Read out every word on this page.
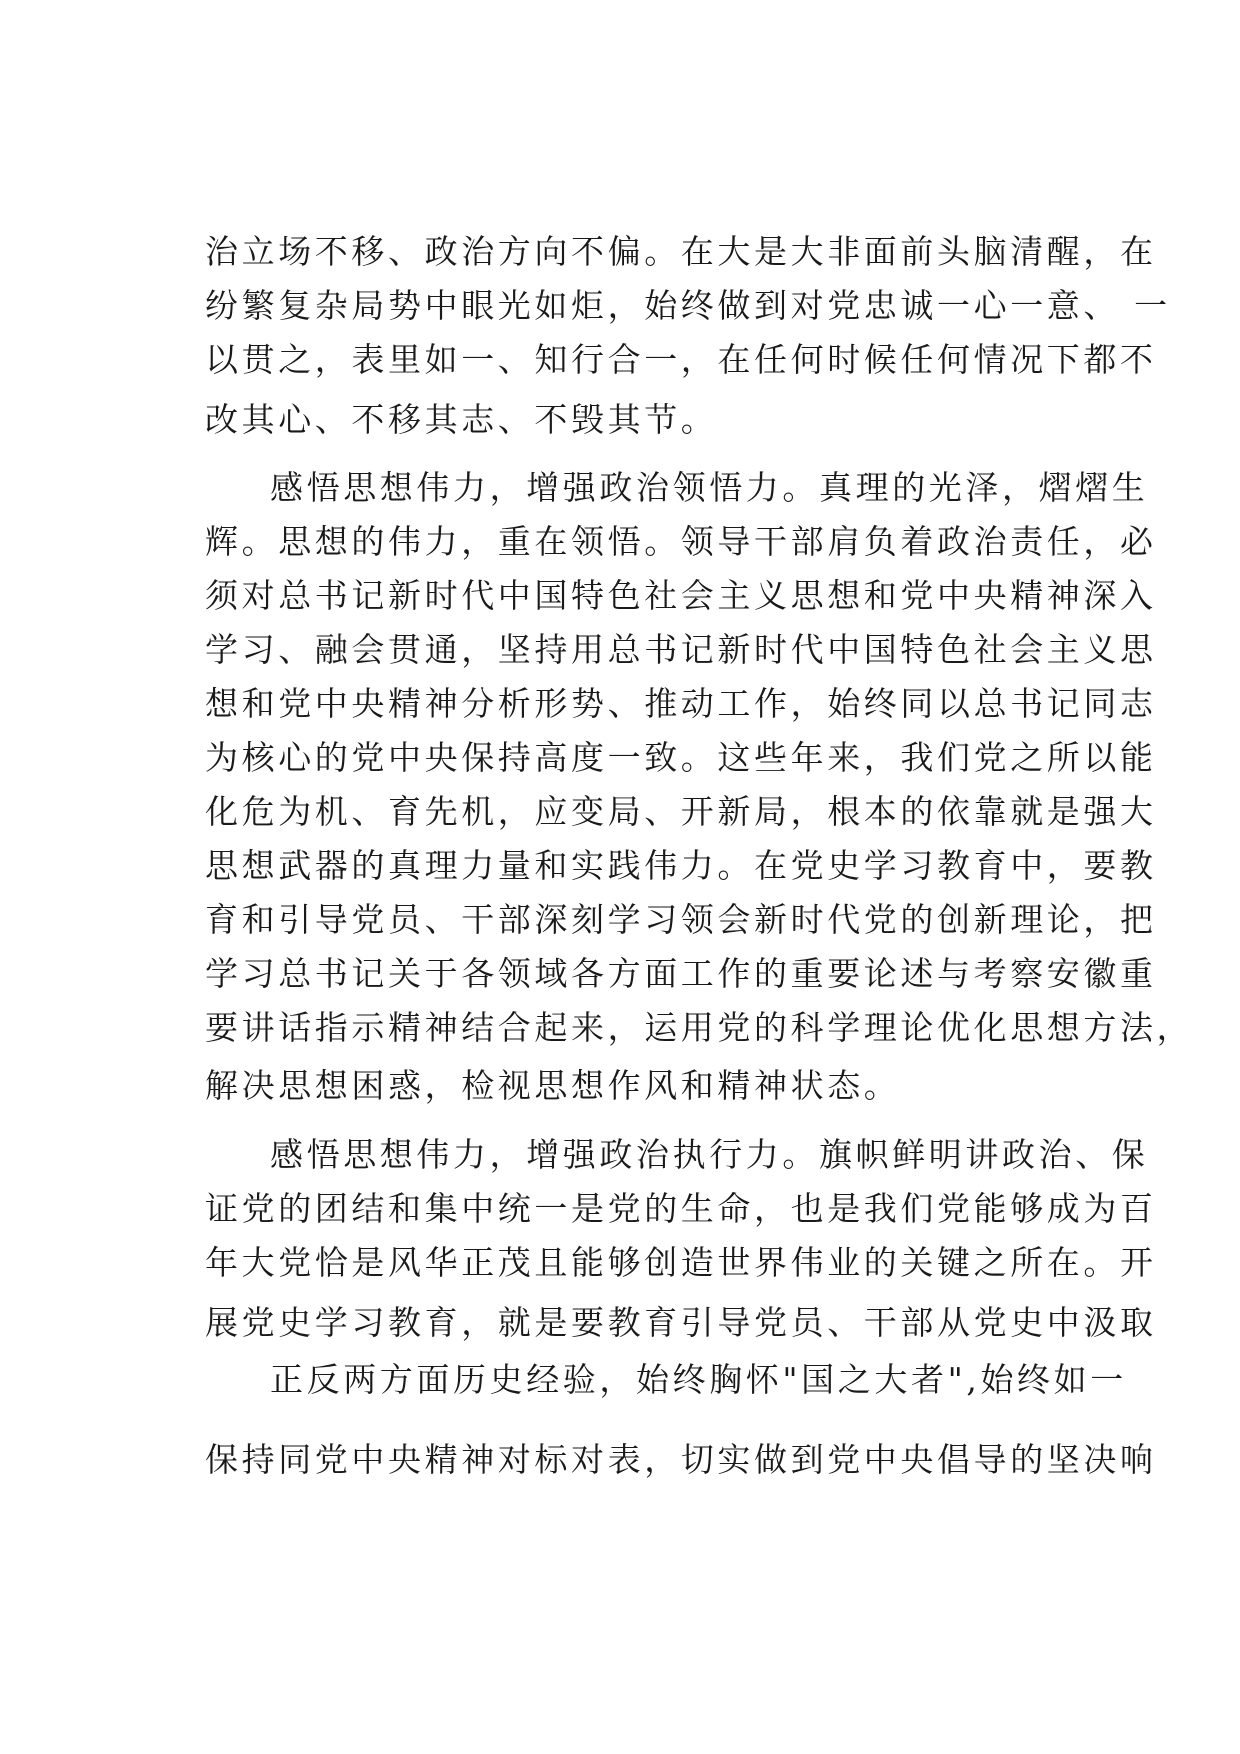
治立场不移、政治方向不偏。在大是大非面前头脑清醒，在
纷繁复杂局势中眼光如炬，始终做到对党忠诚一心一意、 一
以贯之，表里如一、知行合一，在任何时候任何情况下都不
改其心、不移其志、不毁其节。
感悟思想伟力，增强政治领悟力。真理的光泽，熠熠生
辉。思想的伟力，重在领悟。领导干部肩负着政治责任，必
须对总书记新时代中国特色社会主义思想和党中央精神深入
学习、融会贯通，坚持用总书记新时代中国特色社会主义思
想和党中央精神分析形势、推动工作，始终同以总书记同志
为核心的党中央保持高度一致。这些年来，我们党之所以能
化危为机、育先机，应变局、开新局，根本的依靠就是强大
思想武器的真理力量和实践伟力。在党史学习教育中，要教
育和引导党员、干部深刻学习领会新时代党的创新理论，把
学习总书记关于各领域各方面工作的重要论述与考察安徽重
要讲话指示精神结合起来，运用党的科学理论优化思想方法，
解决思想困惑，检视思想作风和精神状态。
感悟思想伟力，增强政治执行力。旗帜鲜明讲政治、保
证党的团结和集中统一是党的生命，也是我们党能够成为百
年大党恰是风华正茂且能够创造世界伟业的关键之所在。开
展党史学习教育，就是要教育引导党员、干部从党史中汲取
正反两方面历史经验，始终胸怀"国之大者",始终如一
保持同党中央精神对标对表，切实做到党中央倡导的坚决响
